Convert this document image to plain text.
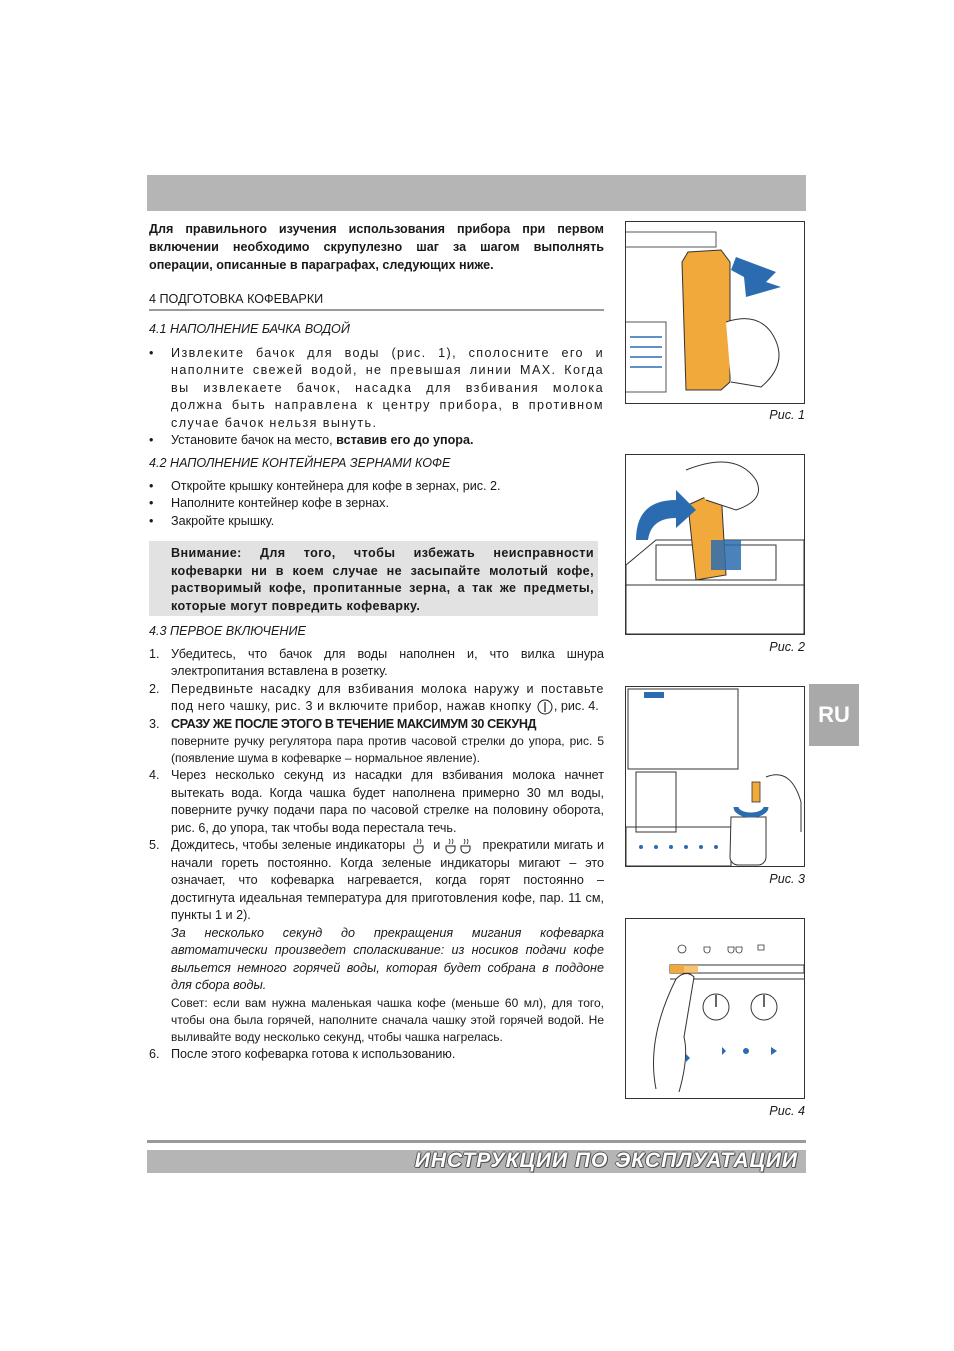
Для правильного изучения использования прибора при первом включении необходимо скрупулезно шаг за шагом выполнять операции, описанные в параграфах, следующих ниже.
4 ПОДГОТОВКА КОФЕВАРКИ
4.1 НАПОЛНЕНИЕ БАЧКА ВОДОЙ
• Извлеките бачок для воды (рис. 1), сполосните его и наполните свежей водой, не превышая линии MAX. Когда вы извлекаете бачок, насадка для взбивания молока должна быть направлена к центру прибора, в противном случае бачок нельзя вынуть.
• Установите бачок на место, вставив его до упора.
4.2 НАПОЛНЕНИЕ КОНТЕЙНЕРА ЗЕРНАМИ КОФЕ
• Откройте крышку контейнера для кофе в зернах, рис. 2.
• Наполните контейнер кофе в зернах.
• Закройте крышку.
Внимание: Для того, чтобы избежать неисправности кофеварки ни в коем случае не засыпайте молотый кофе, растворимый кофе, пропитанные зерна, а так же предметы, которые могут повредить кофеварку.
4.3 ПЕРВОЕ ВКЛЮЧЕНИЕ
1. Убедитесь, что бачок для воды наполнен и, что вилка шнура электропитания вставлена в розетку.
2. Передвиньте насадку для взбивания молока наружу и поставьте под него чашку, рис. 3 и включите прибор, нажав кнопку
, рис. 4.
3. СРАЗУ ЖЕ ПОСЛЕ ЭТОГО В ТЕЧЕНИЕ МАКСИМУМ 30 СЕКУНД
поверните ручку регулятора пара против часовой стрелки до упора, рис. 5 (появление шума в кофеварке – нормальное явление).
4. Через несколько секунд из насадки для взбивания молока начнет вытекать вода. Когда чашка будет наполнена примерно 30 мл воды, поверните ручку подачи пара по часовой стрелке на половину оборота, рис. 6, до упора, так чтобы вода перестала течь.
5. Дождитесь, чтобы зеленые индикаторы
и	прекратили мигать и начали гореть постоянно. Когда зеленые индикаторы мигают – это означает, что кофеварка нагревается, когда горят постоянно – достигнута идеальная температура для приготовления кофе, пар. 11 см, пункты 1 и 2).
За несколько секунд до прекращения мигания кофеварка автоматически произведет споласкивание: из носиков подачи кофе выльется немного горячей воды, которая будет собрана в поддоне для сбора воды.
Совет: если вам нужна маленькая чашка кофе (меньше 60 мл), для того, чтобы она была горячей, наполните сначала чашку этой горячей водой. Не выливайте воду несколько секунд, чтобы чашка нагрелась.
6. После этого кофеварка готова к использованию.
Рис. 1
Рис. 2
Рис. 3
Рис. 4
RU
ИНСТРУКЦИИ ПО ЭКСПЛУАТАЦИИ
